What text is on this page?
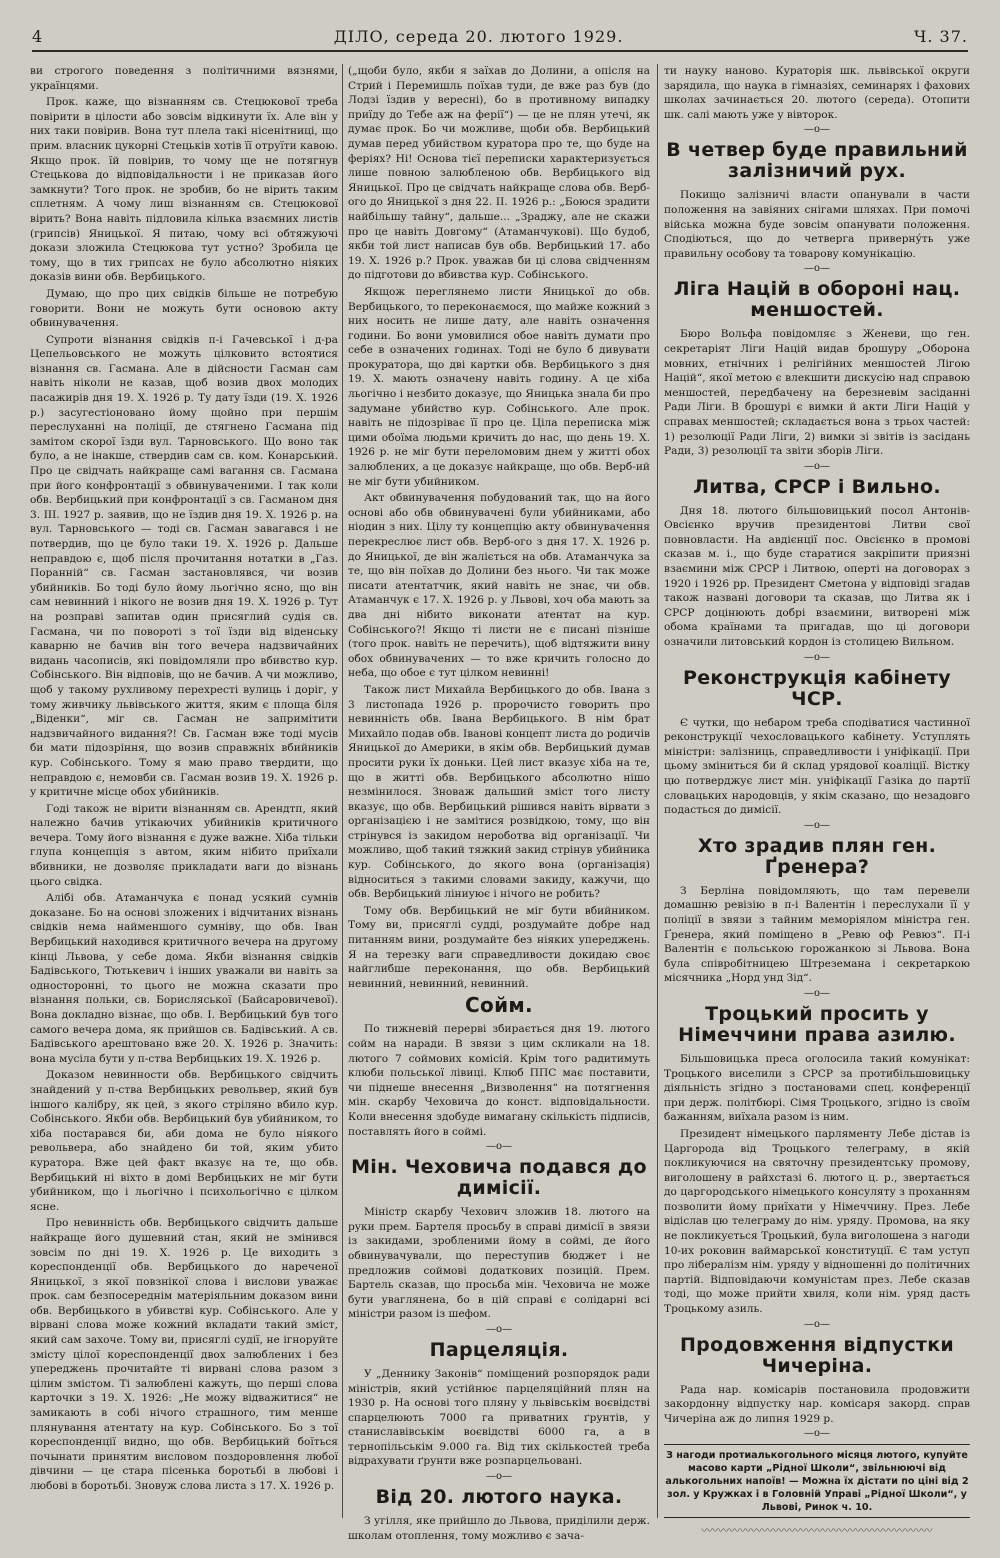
4	ДІЛО, середа 20. лютого 1929.	Ч. 37.

ви строгого поведення з політичними вязнями, українцями.

Прок. каже, що візнанням св. Стецюкової треба повірити в цілости або зовсім відкинути їх. Але він у них таки повірив. Вона тут плела такі нісенітниці, що прим. власник цукорні Стецьків хотів її отруїти кавою. Якщо прок. їй повірив, то чому ще не потягнув Стецькова до відповідальности і не приказав його замкнути? Того прок. не зробив, бо не вірить таким сплетням. А чому лиш візнанням св. Стецюкової вірить? Вона навіть підловила кілька взаємних листів (грипсів) Яницької. Я питаю, чому всі обтяжуючі докази зложила Стецюкова тут устно? Зробила це тому, що в тих грипсах не було абсолютно ніяких доказів вини обв. Вербицького.

Думаю, що про цих свідків більше не потребую говорити. Вони не можуть бути основою акту обвинувачення.

Супроти візнання свідків п-і Гачевської і д-ра Цепельовського не можуть цілковито встоятися візнання св. Гасмана. Але в дійсности Гасман сам навіть ніколи не казав, щоб возив двох молодих пасажирів дня 19. X. 1926 р. Ту дату їзди (19. X. 1926 р.) засугестіоновано йому щойно при першім переслуханні на поліції, де стягнено Гасмана під замітом скорої їзди вул. Тарновського. Що воно так було, а не інакше, ствердив сам св. ком. Конарський. Про це свідчать найкраще самі вагання св. Гасмана при його конфронтації з обвинуваченими. І так коли обв. Вербицький при конфронтації з св. Гасманом дня 3. III. 1927 р. заявив, що не їздив дня 19. X. 1926 р. на вул. Тарновського — тоді св. Гасман завагався і не потвердив, що це було таки 19. X. 1926 р. Дальше неправдою є, щоб після прочитання нотатки в „Газ. Поранній“ св. Гасман застановлявся, чи возив убийників. Бо тоді було йому льогічно ясно, що він сам невинний і нікого не возив дня 19. X. 1926 р. Тут на розправі запитав один присяглий судія св. Гасмана, чи по повороті з тої їзди від віденську каварню не бачив він того вечера надзвичайних видань часописів, які повідомляли про вбивство кур. Собінського. Він відповів, що не бачив. А чи можливо, щоб у такому рухливому перехресті вулиць і доріг, у тому живчику львівського життя, яким є площа біля „Віденки“, міг св. Гасман не запримітити надзвичайного видання?! Св. Гасман вже тоді мусів би мати підозріння, що возив справжніх вбийників кур. Собінського. Тому я маю право твердити, що неправдою є, немовби св. Гасман возив 19. X. 1926 р. у критичне місце обох убийників.

Годі також не вірити візнанням св. Арендтп, який належно бачив утікаючих убийників критичного вечера. Тому його візнання є дуже важне. Хіба тільки глупа концепція з автом, яким нібито приїхали вбивники, не дозволяє прикладати ваги до візнань цього свідка.

Алібі обв. Атаманчука є понад усякий сумнів доказане. Бо на основі зложених і відчитаних візнань свідків нема найменшого сумніву, що обв. Іван Вербицький находився критичного вечера на другому кінці Львова, у себе дома. Якби візнання свідків Бадівського, Тютькевич і інших уважали ви навіть за односторонні, то цього не можна сказати про візнання польки, св. Борисляської (Байсаровичевої). Вона докладно візнає, що обв. І. Вербицький був того самого вечера дома, як прийшов св. Бадівський. А св. Бадівського арештовано вже 20. X. 1926 р. Значить: вона мусіла бути у п-ства Вербицьких 19. X. 1926 р.

Доказом невинности обв. Вербицького свідчить знайдений у п-ства Вербицьких револьвер, який був іншого калібру, як цей, з якого стріляно вбило кур. Собінського. Якби обв. Вербицький був убийником, то хіба постарався би, аби дома не було ніякого револьвера, або знайдено би той, яким убито куратора. Вже цей факт вказує на те, що обв. Вербицький ні віхто в домі Вербицьких не міг бути убийником, що і льогічно і психольогічно є цілком ясне.

Про невинність обв. Вербицького свідчить дальше найкраще його душевний стан, який не змінився зовсім по дні 19. X. 1926 р. Це виходить з кореспонденції обв. Вербицького до нареченої Яницької, з якої повзнікої слова і вислови уважає прок. сам безпосереднім матеріяльним доказом вини обв. Вербицького в убивстві кур. Собінського. Але у вірвані слова може кожний вкладати такий зміст, який сам захоче. Тому ви, присяглі судії, не ігноруйте змісту цілої кореспонденції двох залюблених і без упереджень прочитайте ті вирвані слова разом з цілим змістом. Ті залюблені кажуть, що перші слова карточки з 19. X. 1926: „Не можу відважитися“ не замикають в собі нічого страшного, тим менше плянування атентату на кур. Собінського. Бо з тої кореспонденції видно, що обв. Вербицький боїться почынати принятим висловом поздоровлення любої дівчини — це стара пісенька боротьбі в любові і любові в боротьбі. Зновуж слова листа з 17. X. 1926 р.

(„щоби було, якби я заїхав до Долини, а опісля на Стрий і Перемишль поїхав туди, де вже раз був (до Лодзі їздив у вересні), бо в противному випадку приїду до Тебе аж на ферії“) — це не плян утечі, як думає прок. Бо чи можливе, щоби обв. Вербицький думав перед убийством куратора про те, що буде на феріях? Ні! Основа тієї переписки характеризується лише повною залюбленою обв. Вербицького від Яницької. Про це свідчать найкраще слова обв. Верб-ого до Яницької з дня 22. II. 1926 р.: „Боюся зрадити найбільшу тайну“, дальше... „Зраджу, але не скажи про це навіть Довгому“ (Атаманчукові). Що будоб, якби той лист написав був обв. Вербицький 17. або 19. X. 1926 р.? Прок. уважав би ці слова свідченням до підготови до вбивства кур. Собінського.

Якщож переглянемо листи Яницької до обв. Вербицького, то переконаємося, що майже кожний з них носить не лише дату, але навіть означення години. Бо вони умовилися обое навіть думати про себе в означених годинах. Тоді не було б дивувати прокуратора, що дві картки обв. Вербицького з дня 19. X. мають означену навіть годину. А це хіба льогічно і незбито доказує, що Яницька знала би про задумане убийство кур. Собінського. Але прок. навіть не підозріває її про це. Ціла переписка між цими обоїма людьми кричить до нас, що день 19. X. 1926 р. не міг бути переломовим днем у житті обох залюблених, а це доказує найкраще, що обв. Верб-ий не міг бути убийником.

Акт обвинувачення побудований так, що на його основі або обв обвинувачені були убийниками, або ніодин з них. Цілу ту концепцію акту обвинувачення перекреслює лист обв. Верб-ого з дня 17. X. 1926 р. до Яницької, де він жаліється на обв. Атаманчука за те, що він поїхав до Долини без нього. Чи так може писати атентатчик, який навіть не знає, чи обв. Атаманчук є 17. X. 1926 р. у Львові, хоч оба мають за два дні нібито виконати атентат на кур. Собінського?! Якщо ті листи не є писані пізніше (того прок. навіть не перечить), щоб відтяжити вину обох обвинувачених — то вже кричить голосно до неба, що обое є тут цілком невинні!

Також лист Михайла Вербицького до обв. Івана з 3 листопада 1926 р. пророчисто говорить про невинність обв. Івана Вербицького. В нім брат Михайло подав обв. Іванові концепт листа до родичів Яницької до Америки, в якім обв. Вербицький думав просити руки їх доньки. Цей лист вказує хіба на те, що в житті обв. Вербицького абсолютно нішо незмінилося. Зноваж дальший зміст того листу вказує, що обв. Вербицький рішився навіть вірвати з організацією і не замітися розвідкою, тому, що він стрінувся із закидом нероботва від організації. Чи можливо, щоб такий тяжкий закид стрінув убийника кур. Собінського, до якого вона (організація) відноситься з такими словами закиду, кажучи, що обв. Вербицький ліниуює і нічого не робить?

Тому обв. Вербицький не міг бути вбийником. Тому ви, присяглі судді, роздумайте добре над питанням вини, роздумайте без ніяких упереджень. Я на терезку ваги справедливости докидаю своє найглибше переконання, що обв. Вербицький невинний, невинний, невинний.

Сойм.

По тижневій перерві збирається дня 19. лютого сойм на наради. В звязи з цим скликали на 18. лютого 7 соймових комісій. Крім того радитимуть клюби польської лівиці. Клюб ППС має поставити, чи піднеше внесення „Визволення“ на потягнення мін. скарбу Чеховича до конст. відповідальности. Коли внесення здобуде вимагану скількість підписів, поставлять його в соймі.

—o—
Мін. Чеховича подався до димісії.

Міністр скарбу Чехович зложив 18. лютого на руки прем. Бартеля просьбу в справі димісії в звязи із закидами, зробленими йому в соймі, де його обвинувачували, що переступив бюджет і не предложив соймові додаткових позицій. Прем. Бартель сказав, що просьба мін. Чеховича не може бути уваглянена, бо в цій справі є солідарні всі міністри разом із шефом.

—o—
Парцеляція.

У „Деннику Законів“ поміщений розпорядок ради міністрів, який устійнює парцеляційний плян на 1930 р. На основі того пляну у львівськім воєвідстві спарцелюють 7000 га приватних ґрунтів, у станиславівськім воєвідстві 6000 га, а в тернопільськім 9.000 га. Від тих скількостей треба відрахувати ґрунти вже розпарцельовані.

—o—
Від 20. лютого наука.

З угілля, яке прийшло до Львова, приділили держ. школам отоплення, тому можливо є зача-

ти науку наново. Кураторія шк. львівської округи зарядила, що наука в гімназіях, семинарях і фахових школах зачинається 20. лютого (середа). Отопити шк. салі мають уже у вівторок.

—o—
В четвер буде правильний залізничий рух.

Покищо залізничі власти опанували в части положення на завіяних снігами шляхах. При помочі війська можна буде зовсім опанувати положення. Сподіються, що до четверга приверну́ть уже правильну особову та товарову комунікацію.

—o—
Ліга Націй в обороні нац. меншостей.

Бюро Вольфа повідомляє з Женеви, що ген. секретаріят Ліги Націй видав брошуру „Оборона мовних, етнічних і релігійних меншостей Лігою Націй“, якої метою є влекшити дискусію над справою меншостей, передбачену на березневім засіданні Ради Ліги. В брошурі є вимки й акти Ліги Націй у справах меншостей; складається вона з трьох частей: 1) резолюції Ради Ліги, 2) вимки зі звітів із засідань Ради, 3) резолюції та звіти зборів Ліги.

—o—
Литва, СРСР і Вильно.

Дня 18. лютого більшовицький посол Антонів-Овсієнко вручив президентові Литви свої повновласти. На авдієнції пос. Овсієнко в промові сказав м. і., що буде старатися закріпити приязні взаємини між СРСР і Литвою, оперті на договорах з 1920 і 1926 рр. Президент Сметона у відповіді згадав також названі договори та сказав, що Литва як і СРСР доцінюють добрі взаємини, витворені між обома країнами та пригадав, що ці договори означили литовський кордон із столицею Вильном.

—o—
Реконструкція кабінету ЧСР.

Є чутки, що небаром треба сподіватися частинної реконструкції чехословацького кабінету. Уступлять міністри: залізниць, справедливости і уніфікації. При цьому зміниться би й склад урядової коаліції. Вістку цю потверджує лист мін. уніфікації Газіка до партії словацьких народовців, у якім сказано, що незадовго подасться до димісії.

—o—
Хто зрадив плян ген. Ґренера?

З Берліна повідомляють, що там перевели домашню ревізію в п-і Валентін і переслухали її у поліції в звязи з тайним меморіялом міністра ген. Ґренера, який поміщено в „Ревю оф Ревюз“. П-і Валентін є польською горожанкою зі Львова. Вона була співробітницею Штреземана і секретаркою місячника „Норд унд Зід“.

—o—
Троцький просить у Німеччини права азилю.

Більшовицька преса оголосила такий комунікат: Троцького виселили з СРСР за протибільшовицьку діяльність згідно з постановами спец. конференції при держ. політбюрі. Сімя Троцького, згідно із своїм бажанням, виїхала разом із ним.

Президент німецького парляменту Лебе дістав із Царгорода від Троцького телеграму, в якій покликуючися на святочну президентську промову, виголошену в райхстазі 6. лютого ц. р., звертається до царгородського німецького консуляту з проханням позволити йому приїхати у Німеччину. През. Лебе відіслав цю телеграму до нім. уряду. Промова, на яку не покликується Троцький, була виголошена з нагоди 10-их роковин ваймарської конституції. Є там уступ про лібералізм нім. уряду у відношенні до політичних партій. Відповідаючи комуністам през. Лебе сказав тоді, що може прийти хвиля, коли нім. уряд дасть Троцькому азиль.

—o—
Продовження відпустки Чичеріна.

Рада нар. комісарів постановила продовжити закордонну відпустку нар. комісаря закорд. справ Чичеріна аж до липня 1929 р.

—o—
З нагоди протиалькогольного місяця лютого, купуйте масово карти „Рідної Школи“, звільнюючі від алькогольних напоїв! — Можна їх дістати по ціні від 2 зол. у Кружках і в Головній Управі „Рідної Школи“, у Львові, Ринок ч. 10.
〰〰〰〰〰〰〰〰〰〰〰〰〰〰〰〰〰〰〰〰〰
